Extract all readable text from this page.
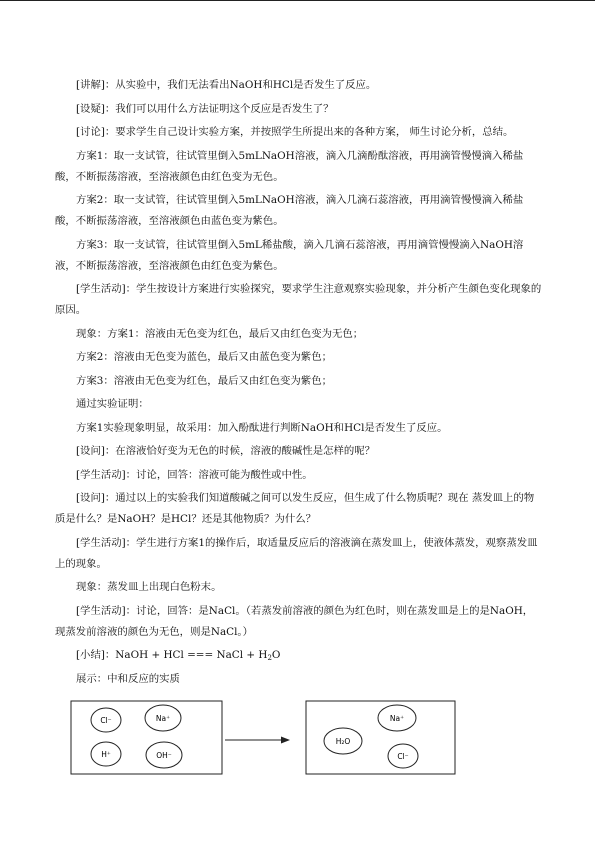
[讲解]：从实验中，我们无法看出NaOH和HCl是否发生了反应。

[设疑]：我们可以用什么方法证明这个反应是否发生了？

[讨论]：要求学生自己设计实验方案，并按照学生所提出来的各种方案， 师生讨论分析，总结。

方案1：取一支试管，往试管里倒入5mLNaOH溶液，滴入几滴酚酞溶液，再用滴管慢慢滴入稀盐酸，不断振荡溶液，至溶液颜色由红色变为无色。

方案2：取一支试管，往试管里倒入5mLNaOH溶液，滴入几滴石蕊溶液，再用滴管慢慢滴入稀盐酸，不断振荡溶液，至溶液颜色由蓝色变为紫色。

方案3：取一支试管，往试管里倒入5mL稀盐酸，滴入几滴石蕊溶液，再用滴管慢慢滴入NaOH溶液，不断振荡溶液，至溶液颜色由红色变为紫色。

[学生活动]：学生按设计方案进行实验探究，要求学生注意观察实验现象，并分析产生颜色变化现象的原因。

现象：方案1：溶液由无色变为红色，最后又由红色变为无色；

方案2：溶液由无色变为蓝色，最后又由蓝色变为紫色；

方案3：溶液由无色变为红色，最后又由红色变为紫色；

通过实验证明：

方案1实验现象明显，故采用：加入酚酞进行判断NaOH和HCl是否发生了反应。

[设问]：在溶液恰好变为无色的时候，溶液的酸碱性是怎样的呢？

[学生活动]：讨论，回答：溶液可能为酸性或中性。

[设问]：通过以上的实验我们知道酸碱之间可以发生反应，但生成了什么物质呢？现在 蒸发皿上的物质是什么？是NaOH？是HCl？还是其他物质？为什么？

[学生活动]：学生进行方案1的操作后，取适量反应后的溶液滴在蒸发皿上，使液体蒸发，观察蒸发皿上的现象。

现象：蒸发皿上出现白色粉末。

[学生活动]：讨论，回答：是NaCl。（若蒸发前溶液的颜色为红色时，则在蒸发皿是上的是NaOH，现蒸发前溶液的颜色为无色，则是NaCl。）

[小结]：NaOH + HCl === NaCl + $H_2O$

展示：中和反应的实质

Cl⁻	Na⁺
H⁺	OH⁻
Na⁺
H₂O
Cl⁻
